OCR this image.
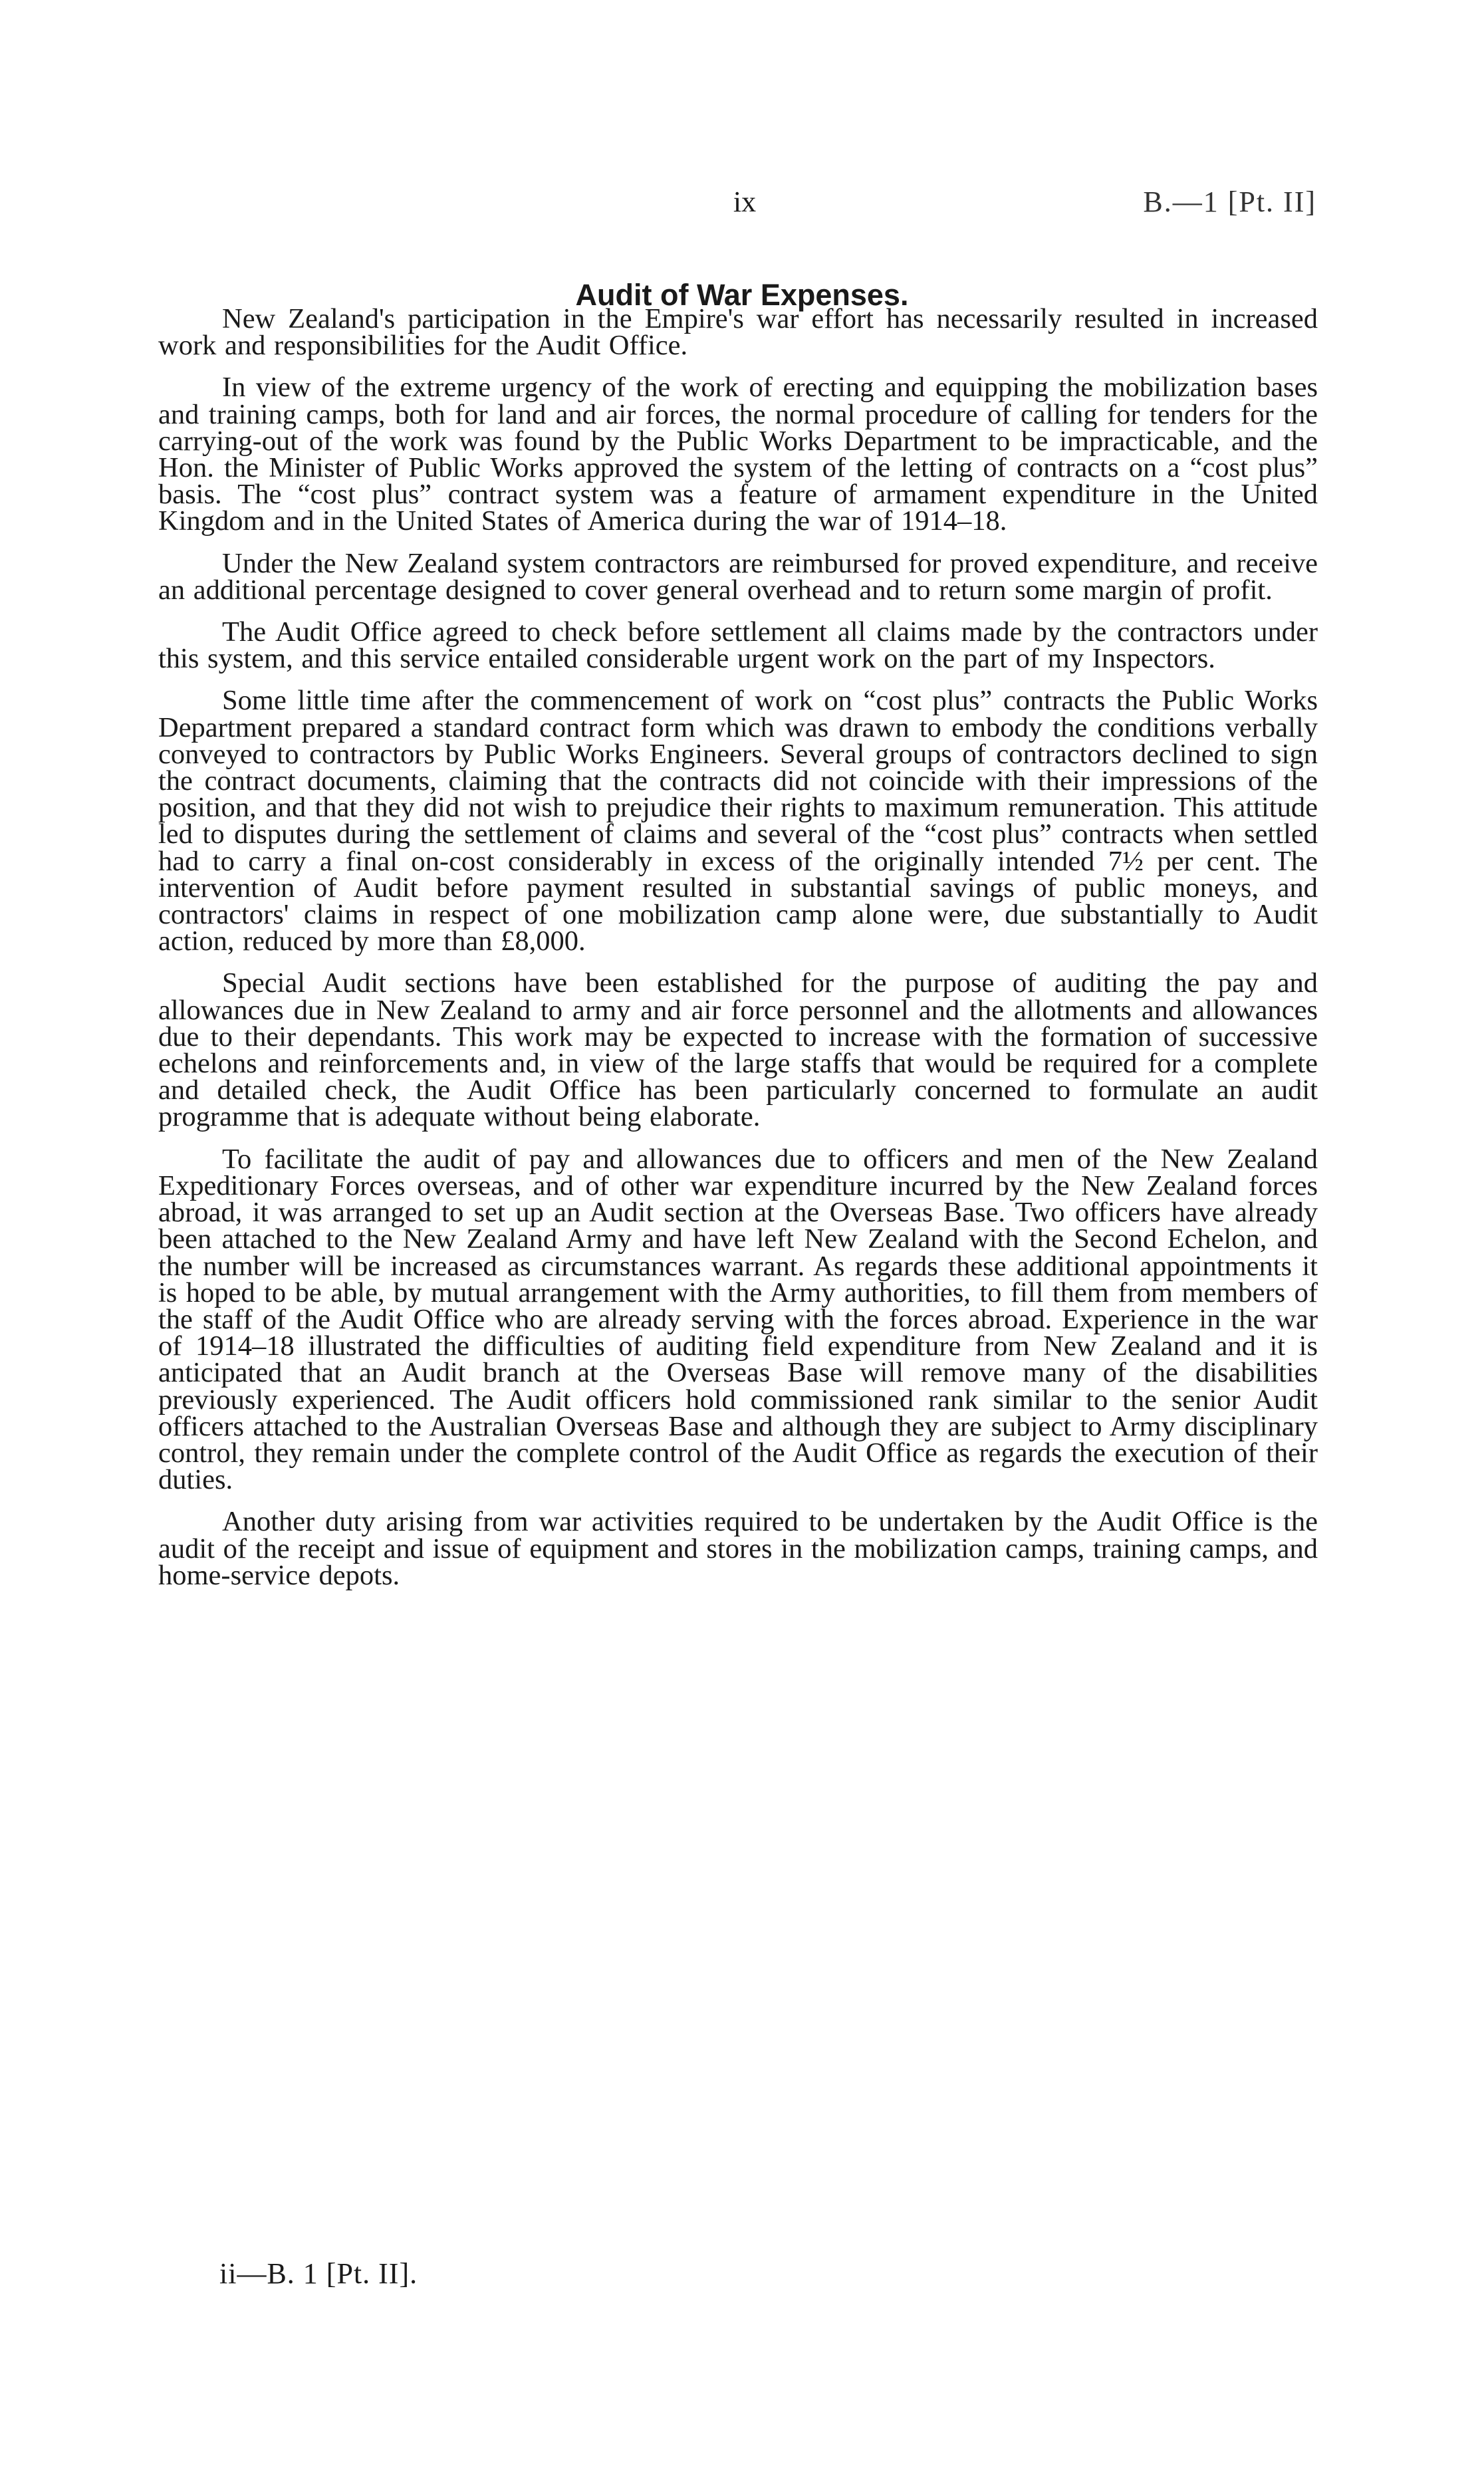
ix	B.—1 [Pt. II]
Audit of War Expenses.

New Zealand's participation in the Empire's war effort has necessarily resulted in increased work and responsibilities for the Audit Office.

In view of the extreme urgency of the work of erecting and equipping the mobilization bases and training camps, both for land and air forces, the normal procedure of calling for tenders for the carrying-out of the work was found by the Public Works Department to be impracticable, and the Hon. the Minister of Public Works approved the system of the letting of contracts on a “cost plus” basis. The “cost plus” contract system was a feature of armament expenditure in the United Kingdom and in the United States of America during the war of 1914–18.

Under the New Zealand system contractors are reimbursed for proved expenditure, and receive an additional percentage designed to cover general overhead and to return some margin of profit.

The Audit Office agreed to check before settlement all claims made by the contractors under this system, and this service entailed considerable urgent work on the part of my Inspectors.

Some little time after the commencement of work on “cost plus” contracts the Public Works Department prepared a standard contract form which was drawn to embody the conditions verbally conveyed to contractors by Public Works Engineers. Several groups of contractors declined to sign the contract documents, claiming that the contracts did not coincide with their impressions of the position, and that they did not wish to prejudice their rights to maximum remuneration. This attitude led to disputes during the settlement of claims and several of the “cost plus” contracts when settled had to carry a final on-cost considerably in excess of the originally intended 7½ per cent. The intervention of Audit before payment resulted in substantial savings of public moneys, and contractors' claims in respect of one mobilization camp alone were, due substantially to Audit action, reduced by more than £8,000.

Special Audit sections have been established for the purpose of auditing the pay and allowances due in New Zealand to army and air force personnel and the allotments and allowances due to their dependants. This work may be expected to increase with the formation of successive echelons and reinforcements and, in view of the large staffs that would be required for a complete and detailed check, the Audit Office has been particularly concerned to formulate an audit programme that is adequate without being elaborate.

To facilitate the audit of pay and allowances due to officers and men of the New Zealand Expeditionary Forces overseas, and of other war expenditure incurred by the New Zealand forces abroad, it was arranged to set up an Audit section at the Overseas Base. Two officers have already been attached to the New Zealand Army and have left New Zealand with the Second Echelon, and the number will be increased as circumstances warrant. As regards these additional appointments it is hoped to be able, by mutual arrangement with the Army authorities, to fill them from members of the staff of the Audit Office who are already serving with the forces abroad. Experience in the war of 1914–18 illustrated the difficulties of auditing field expenditure from New Zealand and it is anticipated that an Audit branch at the Overseas Base will remove many of the disabilities previously experienced. The Audit officers hold commissioned rank similar to the senior Audit officers attached to the Australian Overseas Base and although they are subject to Army disciplinary control, they remain under the complete control of the Audit Office as regards the execution of their duties.

Another duty arising from war activities required to be undertaken by the Audit Office is the audit of the receipt and issue of equipment and stores in the mobilization camps, training camps, and home-service depots.

ii—B. 1 [Pt. II].
